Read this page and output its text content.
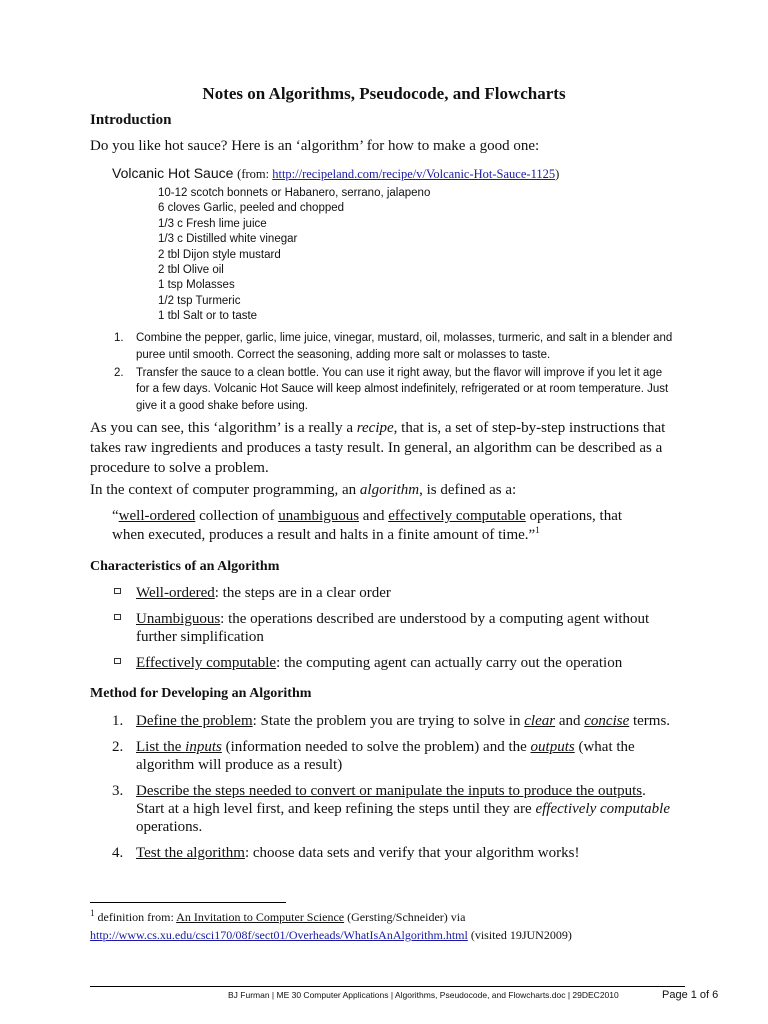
Notes on Algorithms, Pseudocode, and Flowcharts
Introduction
Do you like hot sauce? Here is an ‘algorithm’ for how to make a good one:
Volcanic Hot Sauce (from: http://recipeland.com/recipe/v/Volcanic-Hot-Sauce-1125)
10-12 scotch bonnets or Habanero, serrano, jalapeno
6 cloves Garlic, peeled and chopped
1/3 c Fresh lime juice
1/3 c Distilled white vinegar
2 tbl Dijon style mustard
2 tbl Olive oil
1 tsp Molasses
1/2 tsp Turmeric
1 tbl Salt or to taste
1. Combine the pepper, garlic, lime juice, vinegar, mustard, oil, molasses, turmeric, and salt in a blender and puree until smooth. Correct the seasoning, adding more salt or molasses to taste.
2. Transfer the sauce to a clean bottle. You can use it right away, but the flavor will improve if you let it age for a few days. Volcanic Hot Sauce will keep almost indefinitely, refrigerated or at room temperature. Just give it a good shake before using.
As you can see, this ‘algorithm’ is a really a recipe, that is, a set of step-by-step instructions that takes raw ingredients and produces a tasty result. In general, an algorithm can be described as a procedure to solve a problem.
In the context of computer programming, an algorithm, is defined as a:
“well-ordered collection of unambiguous and effectively computable operations, that when executed, produces a result and halts in a finite amount of time.”$^1$
Characteristics of an Algorithm
Well-ordered: the steps are in a clear order
Unambiguous: the operations described are understood by a computing agent without further simplification
Effectively computable: the computing agent can actually carry out the operation
Method for Developing an Algorithm
1. Define the problem: State the problem you are trying to solve in clear and concise terms.
2. List the inputs (information needed to solve the problem) and the outputs (what the algorithm will produce as a result)
3. Describe the steps needed to convert or manipulate the inputs to produce the outputs. Start at a high level first, and keep refining the steps until they are effectively computable operations.
4. Test the algorithm: choose data sets and verify that your algorithm works!
$^1$ definition from: An Invitation to Computer Science (Gersting/Schneider) via
http://www.cs.xu.edu/csci170/08f/sect01/Overheads/WhatIsAnAlgorithm.html (visited 19JUN2009)
BJ Furman | ME 30 Computer Applications | Algorithms, Pseudocode, and Flowcharts.doc | 29DEC2010	Page 1 of 6
